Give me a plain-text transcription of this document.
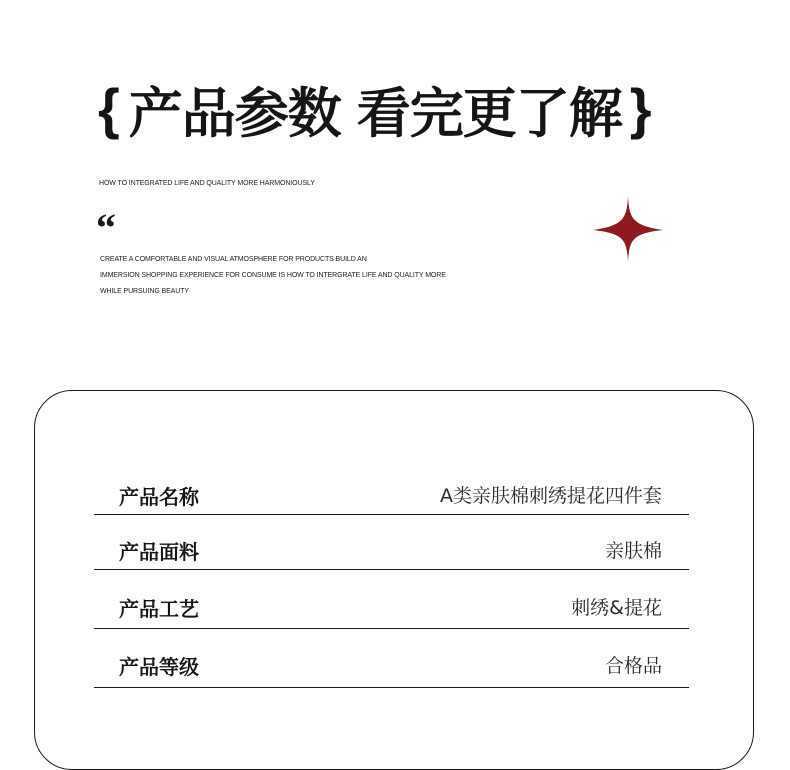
{ 产品参数 看完更了解 }
HOW TO INTEGRATED LIFE AND QUALITY MORE HARMONIOUSLY
“
CREATE A COMFORTABLE AND VISUAL ATMOSPHERE FOR PRODUCTS BUILD AN
IMMERSION SHOPPING EXPERIENCE FOR CONSUME IS HOW TO INTERGRATE LIFE AND QUALITY MORE
WHILE PURSUING BEAUTY
产品名称	A类亲肤棉刺绣提花四件套
产品面料	亲肤棉
产品工艺	刺绣&提花
产品等级	合格品
